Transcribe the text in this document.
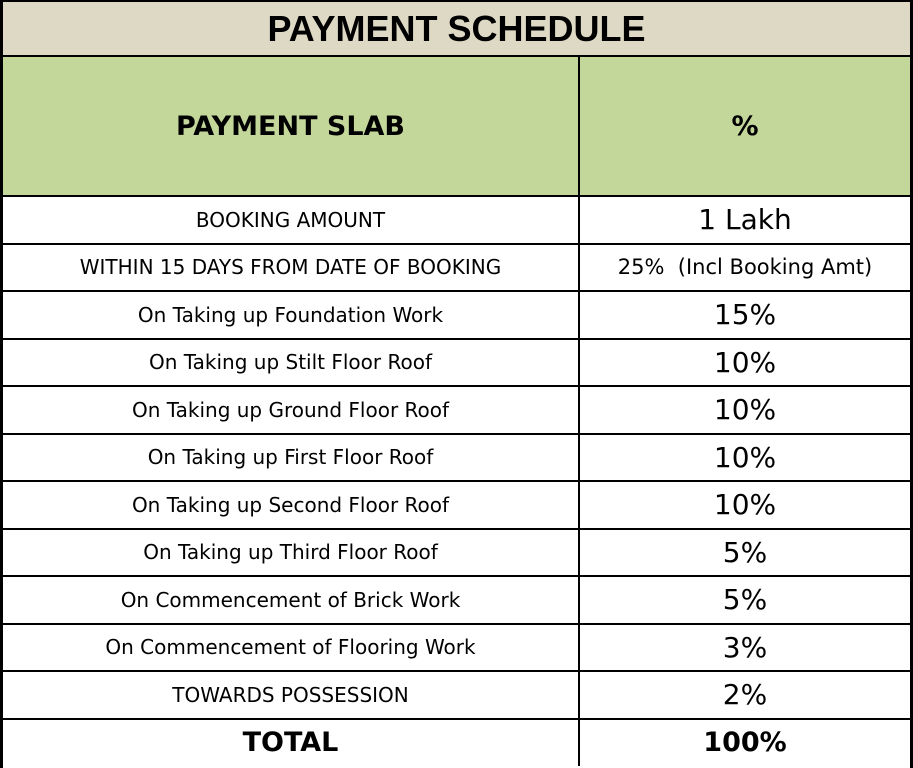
PAYMENT SCHEDULE
PAYMENT SLAB	%
BOOKING AMOUNT	1 Lakh
WITHIN 15 DAYS FROM DATE OF BOOKING	25%  (Incl Booking Amt)
On Taking up Foundation Work	15%
On Taking up Stilt Floor Roof	10%
On Taking up Ground Floor Roof	10%
On Taking up First Floor Roof	10%
On Taking up Second Floor Roof	10%
On Taking up Third Floor Roof	5%
On Commencement of Brick Work	5%
On Commencement of Flooring Work	3%
TOWARDS POSSESSION	2%
TOTAL	100%
